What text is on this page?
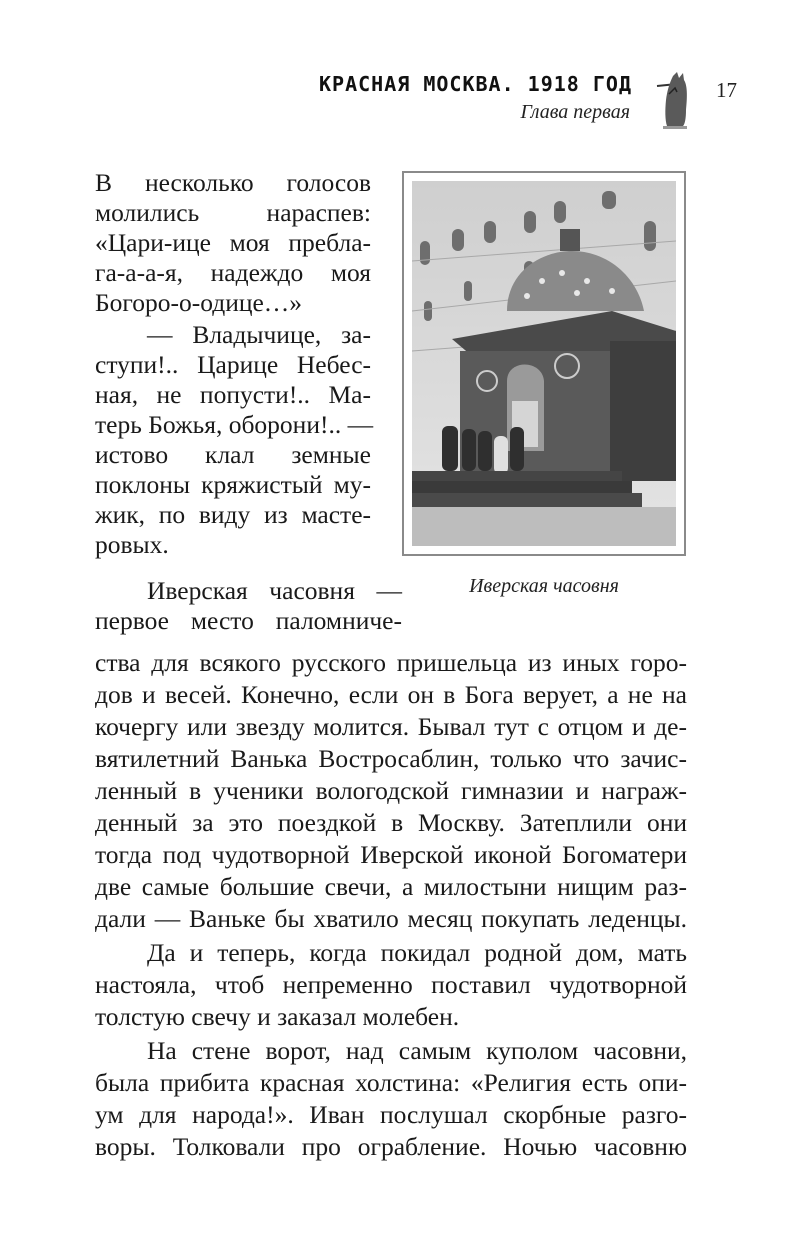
КРАСНАЯ МОСКВА. 1918 ГОД
Глава первая
17
В несколько голосов
молились нараспев:
«Цари-ице моя пребла-
га-а-а-я, надеждо моя
Богоро-о-одице…»
— Владычице, за-
ступи!.. Царице Небес-
ная, не попусти!.. Ма-
терь Божья, оборони!.. —
истово клал земные
поклоны кряжистый му-
жик, по виду из масте-
ровых.
Иверская часовня —
первое место паломниче-
Иверская часовня
ства для всякого русского пришельца из иных горо-
дов и весей. Конечно, если он в Бога верует, а не на
кочергу или звезду молится. Бывал тут с отцом и де-
вятилетний Ванька Востросаблин, только что зачис-
ленный в ученики вологодской гимназии и награж-
денный за это поездкой в Москву. Затеплили они
тогда под чудотворной Иверской иконой Богоматери
две самые большие свечи, а милостыни нищим раз-
дали — Ваньке бы хватило месяц покупать леденцы.
Да и теперь, когда покидал родной дом, мать
настояла, чтоб непременно поставил чудотворной
толстую свечу и заказал молебен.
На стене ворот, над самым куполом часовни,
была прибита красная холстина: «Религия есть опи-
ум для народа!». Иван послушал скорбные разго-
воры. Толковали про ограбление. Ночью часовню
